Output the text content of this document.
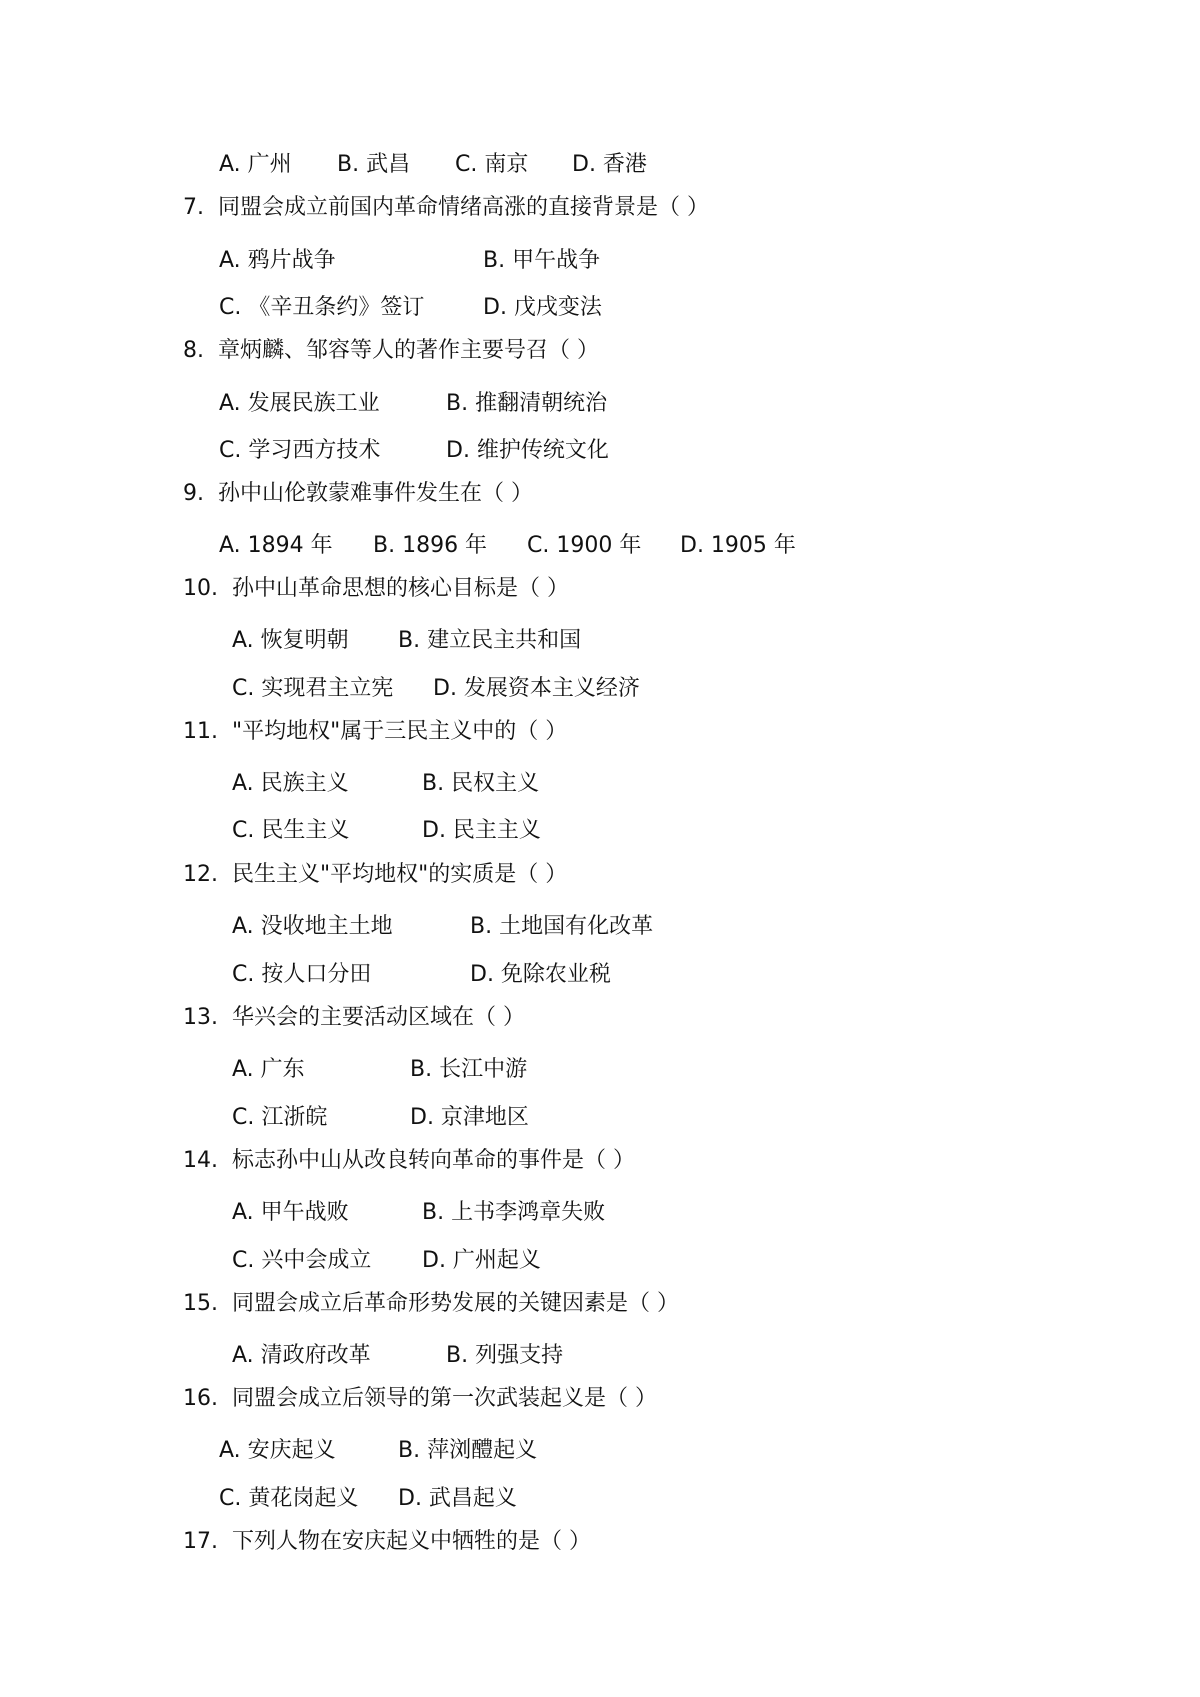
A. 广州 B. 武昌 C. 南京 D. 香港
7. 同盟会成立前国内革命情绪高涨的直接背景是（ ）
A. 鸦片战争	B. 甲午战争
C. 《辛丑条约》签订	D. 戊戌变法
8. 章炳麟、邹容等人的著作主要号召（ ）
A. 发展民族工业	B. 推翻清朝统治
C. 学习西方技术	D. 维护传统文化
9. 孙中山伦敦蒙难事件发生在（ ）
A. 1894 年 B. 1896 年 C. 1900 年 D. 1905 年
10. 孙中山革命思想的核心目标是（ ）
A. 恢复明朝 B. 建立民主共和国
C. 实现君主立宪 D. 发展资本主义经济
11. "平均地权"属于三民主义中的（ ）
A. 民族主义	B. 民权主义
C. 民生主义	D. 民主主义
12. 民生主义"平均地权"的实质是（ ）
A. 没收地主土地	B. 土地国有化改革
C. 按人口分田	D. 免除农业税
13. 华兴会的主要活动区域在（ ）
A. 广东	B. 长江中游
C. 江浙皖	D. 京津地区
14. 标志孙中山从改良转向革命的事件是（ ）
A. 甲午战败	B. 上书李鸿章失败
C. 兴中会成立 D. 广州起义
15. 同盟会成立后革命形势发展的关键因素是（ ）
A. 清政府改革	B. 列强支持
16. 同盟会成立后领导的第一次武装起义是（ ）
A. 安庆起义	B. 萍浏醴起义
C. 黄花岗起义 D. 武昌起义
17. 下列人物在安庆起义中牺牲的是（ ）
